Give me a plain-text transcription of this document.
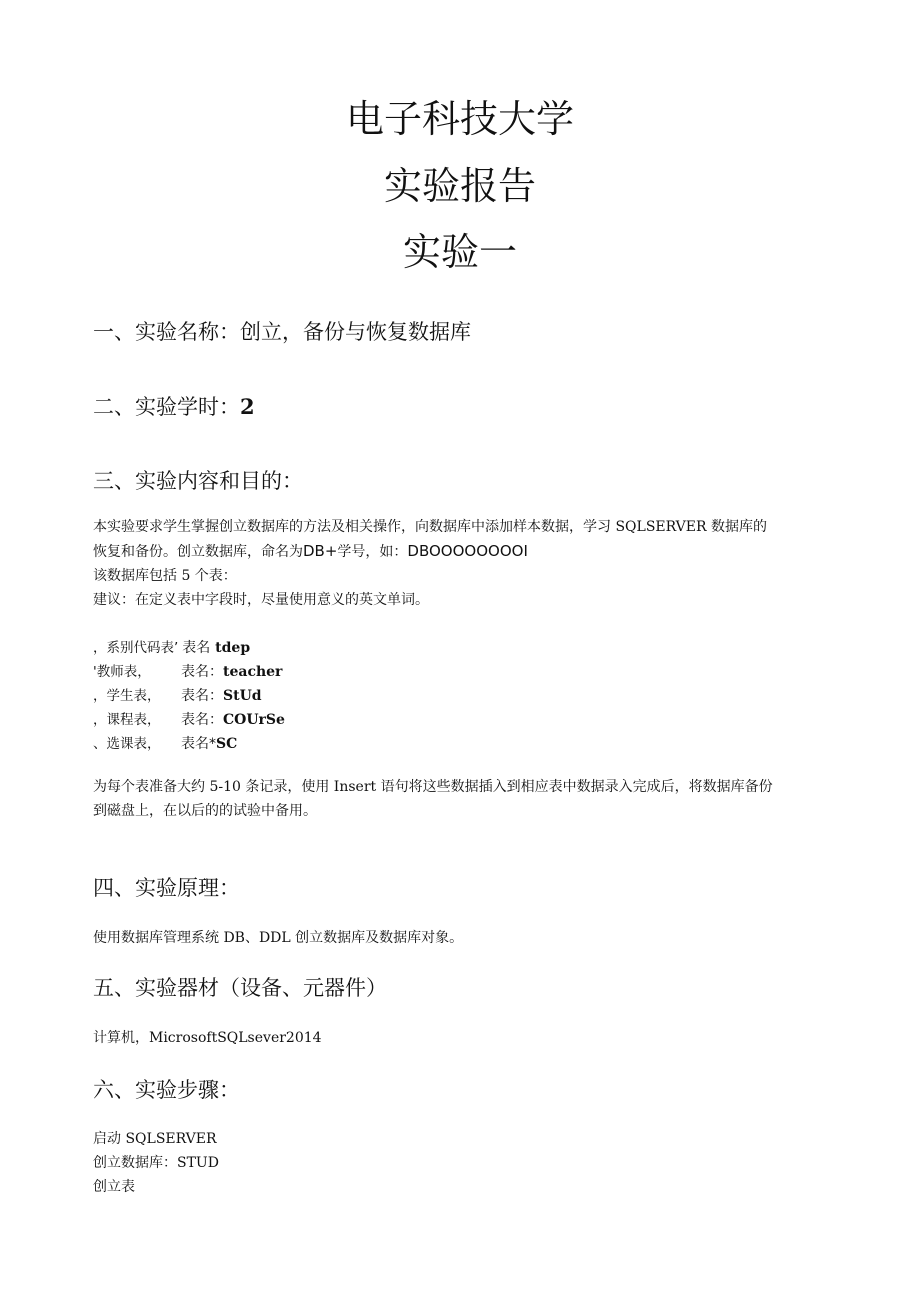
电子科技大学
实验报告
实验一
一、实验名称：创立，备份与恢复数据库
二、实验学时：2
三、实验内容和目的：
本实验要求学生掌握创立数据库的方法及相关操作，向数据库中添加样本数据，学习 SQLSERVER 数据库的
恢复和备份。创立数据库，命名为DB+学号，如：DBOOOOOOOOI
该数据库包括 5 个表：
建议：在定义表中字段时，尽量使用意义的英文单词。
，系别代码表’ 表名 tdep
'教师表，	表名：teacher
，学生表，	表名：StUd
，课程表，	表名：COUrSe
、选课表，	表名*SC
为每个表准备大约 5-10 条记录，使用 Insert 语句将这些数据插入到相应表中数据录入完成后，将数据库备份
到磁盘上，在以后的的试验中备用。
四、实验原理：
使用数据库管理系统 DB、DDL 创立数据库及数据库对象。
五、实验器材（设备、元器件）
计算机，MicrosoftSQLsever2014
六、实验步骤：
启动 SQLSERVER
创立数据库：STUD
创立表
